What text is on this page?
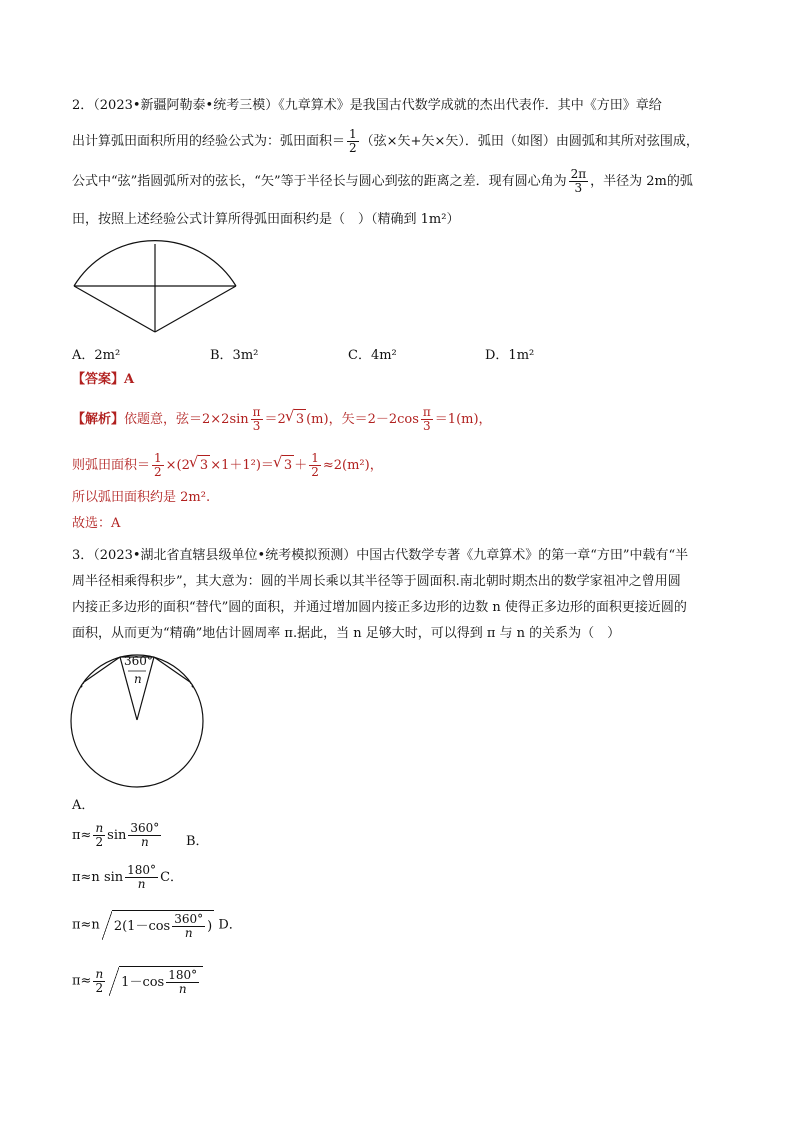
2．（2023•新疆阿勒泰•统考三模）《九章算术》是我国古代数学成就的杰出代表作．其中《方田》章给
出计算弧田面积所用的经验公式为：弧田面积＝ $\frac{1}{2}$ （弦×矢+矢×矢）．弧田（如图）由圆弧和其所对弦围成，
公式中“弦”指圆弧所对的弦长，“矢”等于半径长与圆心到弦的距离之差．现有圆心角为 $\frac{2\pi}{3}$ ，半径为 2m的弧
田，按照上述经验公式计算所得弧田面积约是（　）（精确到 1m²）
A．2m²	B．3m²	C．4m²	D．1m²
【答案】A
【解析】依题意，弦$=2\times 2\sin \frac{\pi}{3} =2√$ 3 (m)，矢$=2-2\cos \frac{\pi}{3} =1(m)$，
则弧田面积＝ $\frac{1}{2} \times(2√$ 3 ×1＋1²)＝√ $3 + \frac{1}{2} \approx 2(m^2)$，
所以弧田面积约是 2m².
故选：A
3．（2023•湖北省直辖县级单位•统考模拟预测）中国古代数学专著《九章算术》的第一章“方田”中载有“半
周半径相乘得积步”，其大意为：圆的半周长乘以其半径等于圆面积.南北朝时期杰出的数学家祖冲之曾用圆
内接正多边形的面积“替代”圆的面积，并通过增加圆内接正多边形的边数 n 使得正多边形的面积更接近圆的
面积，从而更为“精确”地估计圆周率 π.据此，当 n 足够大时，可以得到 π 与 n 的关系为（　）
360°
n
A．
$\pi\approx \frac{n}{2}$ $\sin \frac{360^\circ}{n}$ B．
π≈n $\sin \frac{180^\circ}{n}$ C．
π≈n $2(1-\cos \frac{360^\circ}{n}$ ) D．
$\pi\approx \frac{n}{2} 1-\cos \frac{180^\circ}{n}$
